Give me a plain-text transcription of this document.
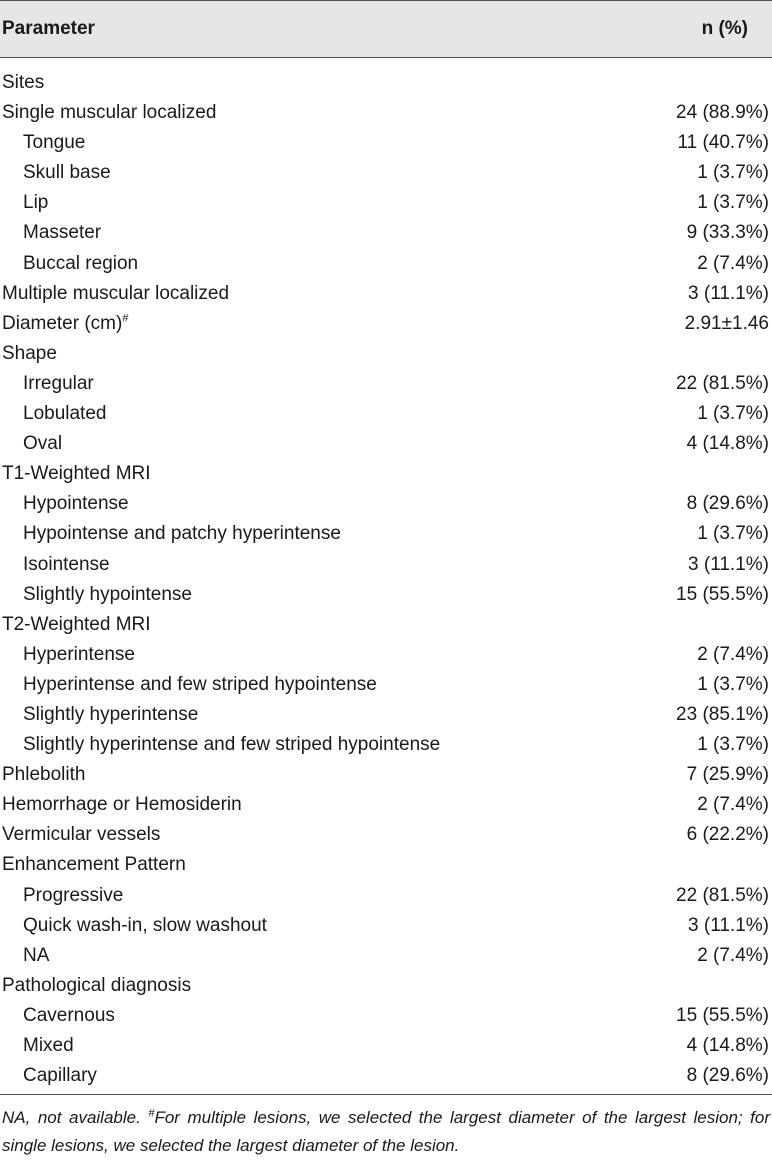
Parameter	n (%)
Sites
Single muscular localized	24 (88.9%)
Tongue	11 (40.7%)
Skull base	1 (3.7%)
Lip	1 (3.7%)
Masseter	9 (33.3%)
Buccal region	2 (7.4%)
Multiple muscular localized	3 (11.1%)
Diameter (cm)#	2.91±1.46
Shape
Irregular	22 (81.5%)
Lobulated	1 (3.7%)
Oval	4 (14.8%)
T1-Weighted MRI
Hypointense	8 (29.6%)
Hypointense and patchy hyperintense	1 (3.7%)
Isointense	3 (11.1%)
Slightly hypointense	15 (55.5%)
T2-Weighted MRI
Hyperintense	2 (7.4%)
Hyperintense and few striped hypointense	1 (3.7%)
Slightly hyperintense	23 (85.1%)
Slightly hyperintense and few striped hypointense	1 (3.7%)
Phlebolith	7 (25.9%)
Hemorrhage or Hemosiderin	2 (7.4%)
Vermicular vessels	6 (22.2%)
Enhancement Pattern
Progressive	22 (81.5%)
Quick wash-in, slow washout	3 (11.1%)
NA	2 (7.4%)
Pathological diagnosis
Cavernous	15 (55.5%)
Mixed	4 (14.8%)
Capillary	8 (29.6%)
NA, not available. #For multiple lesions, we selected the largest diameter of the largest lesion; for single lesions, we selected the largest diameter of the lesion.
